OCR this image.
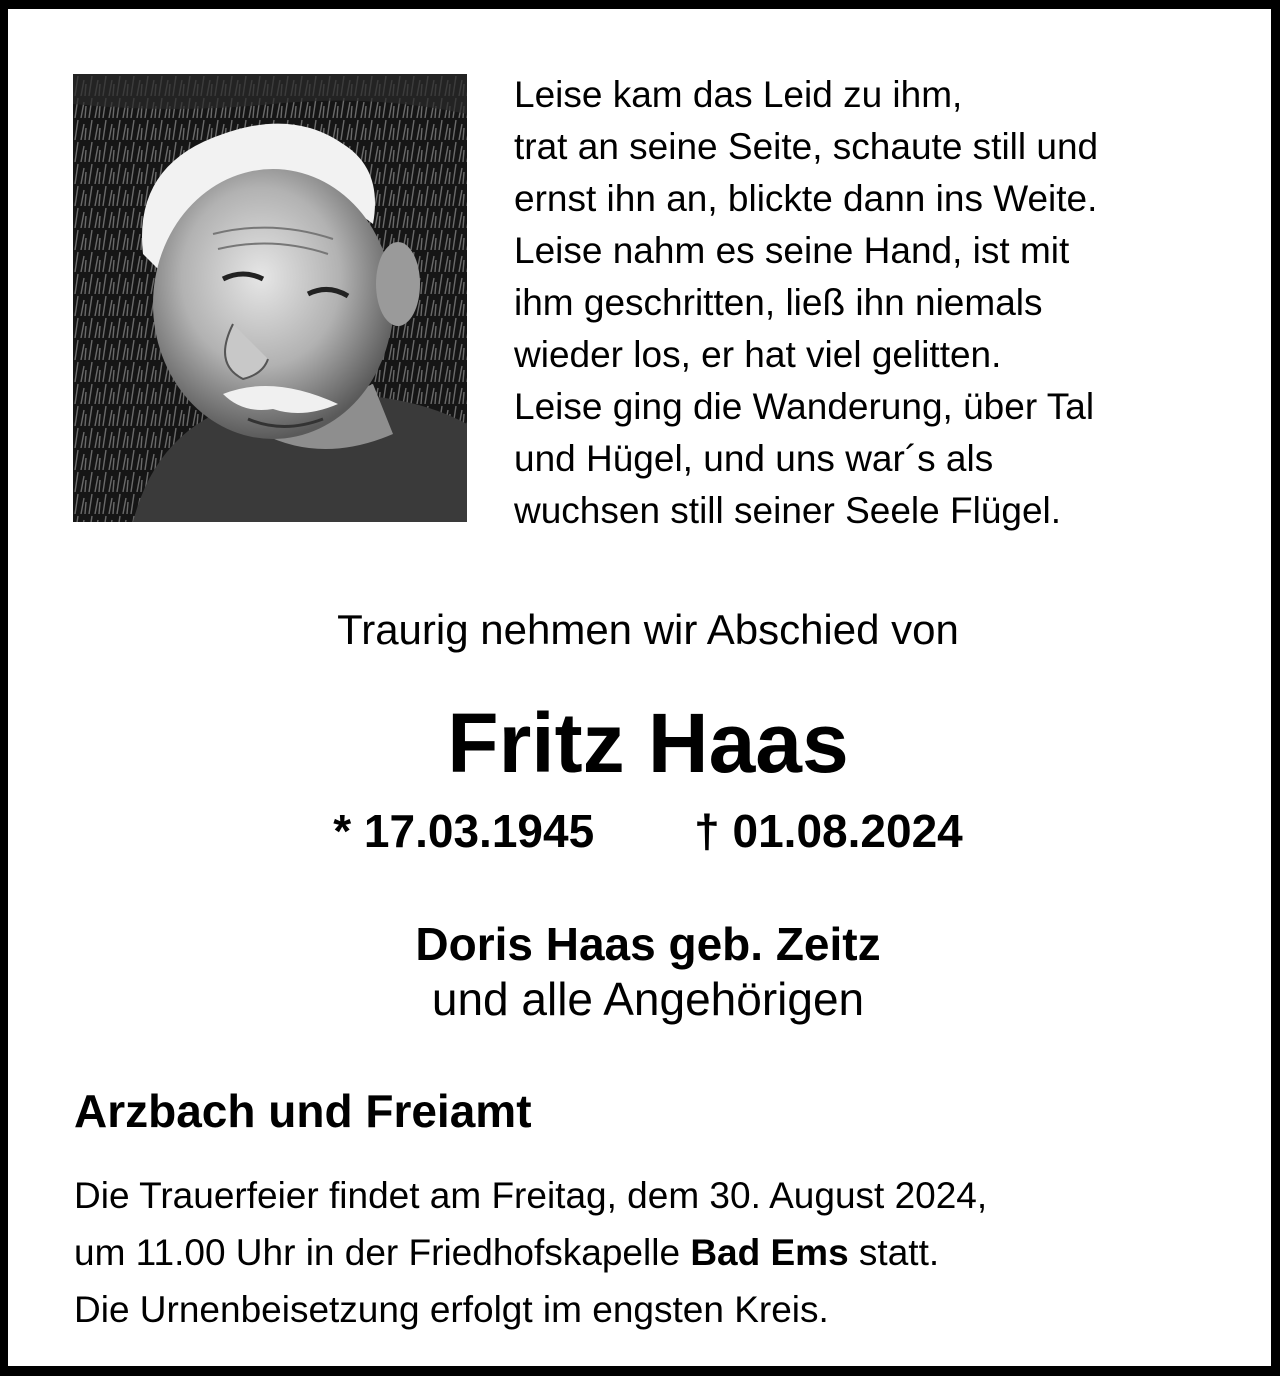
Leise kam das Leid zu ihm,
trat an seine Seite, schaute still und
ernst ihn an, blickte dann ins Weite.
Leise nahm es seine Hand, ist mit
ihm geschritten, ließ ihn niemals
wieder los, er hat viel gelitten.
Leise ging die Wanderung, über Tal
und Hügel, und uns war´s als
wuchsen still seiner Seele Flügel.
Traurig nehmen wir Abschied von
Fritz Haas
* 17.03.1945 † 01.08.2024
Doris Haas geb. Zeitz
und alle Angehörigen
Arzbach und Freiamt
Die Trauerfeier findet am Freitag, dem 30. August 2024,
um 11.00 Uhr in der Friedhofskapelle Bad Ems statt.
Die Urnenbeisetzung erfolgt im engsten Kreis.
